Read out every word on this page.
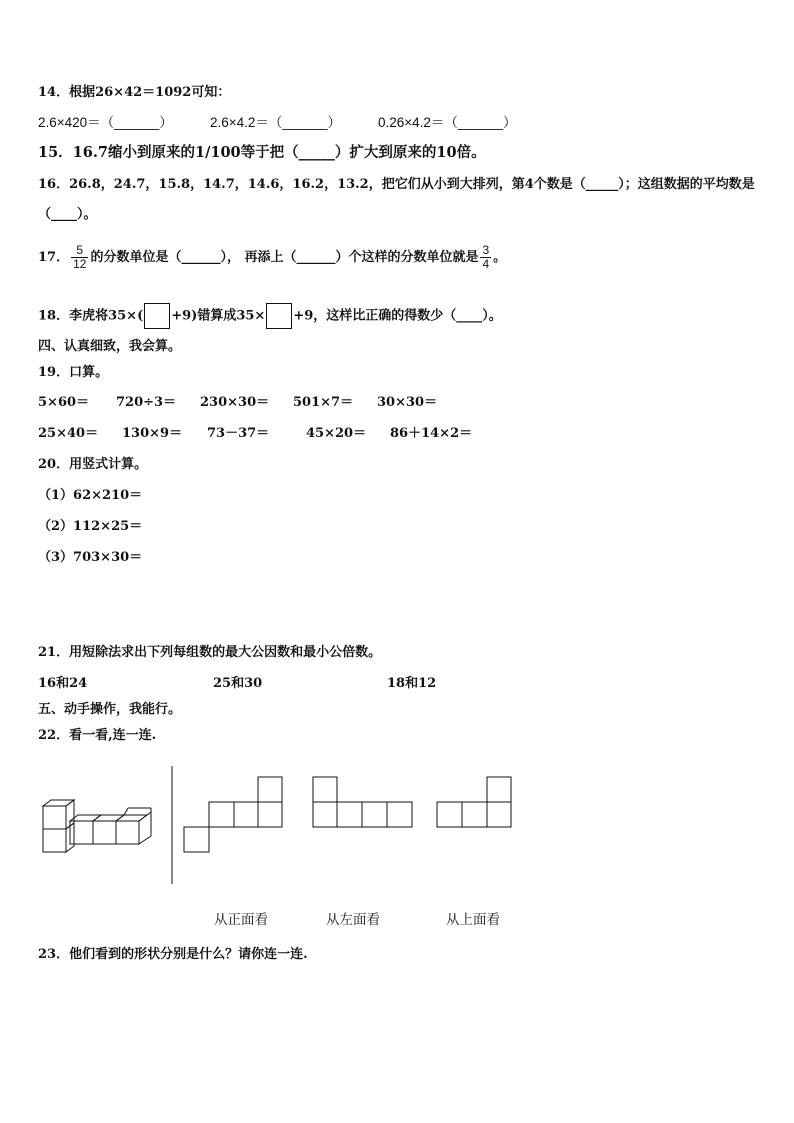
14．根据26×42＝1092可知：
2.6×420＝（______）	2.6×4.2＝（______）	0.26×4.2＝（______）
15．16.7缩小到原来的1/100等于把（_____）扩大到原来的10倍。
16．26.8，24.7，15.8，14.7，14.6，16.2，13.2，把它们从小到大排列，第4个数是（_____）；这组数据的平均数是
（____）。
17． $\frac{5}{12}$ 的分数单位是（______）， 再添上（______）个这样的分数单位就是 $\frac{3}{4}$ 。
18．李虎将35×( +9)错算成35× +9，这样比正确的得数少（____）。
四、认真细致，我会算。
19．口算。
5×60＝ 720÷3＝ 230×30＝ 501×7＝ 30×30＝
25×40＝ 130×9＝ 73－37＝	45×20＝ 86＋14×2＝
20．用竖式计算。
（1）62×210＝
（2）112×25＝
（3）703×30＝
21．用短除法求出下列每组数的最大公因数和最小公倍数。
16和24	25和30	18和12
五、动手操作，我能行。
22．看一看,连一连.
从正面看	从左面看	从上面看
23．他们看到的形状分别是什么？请你连一连.
